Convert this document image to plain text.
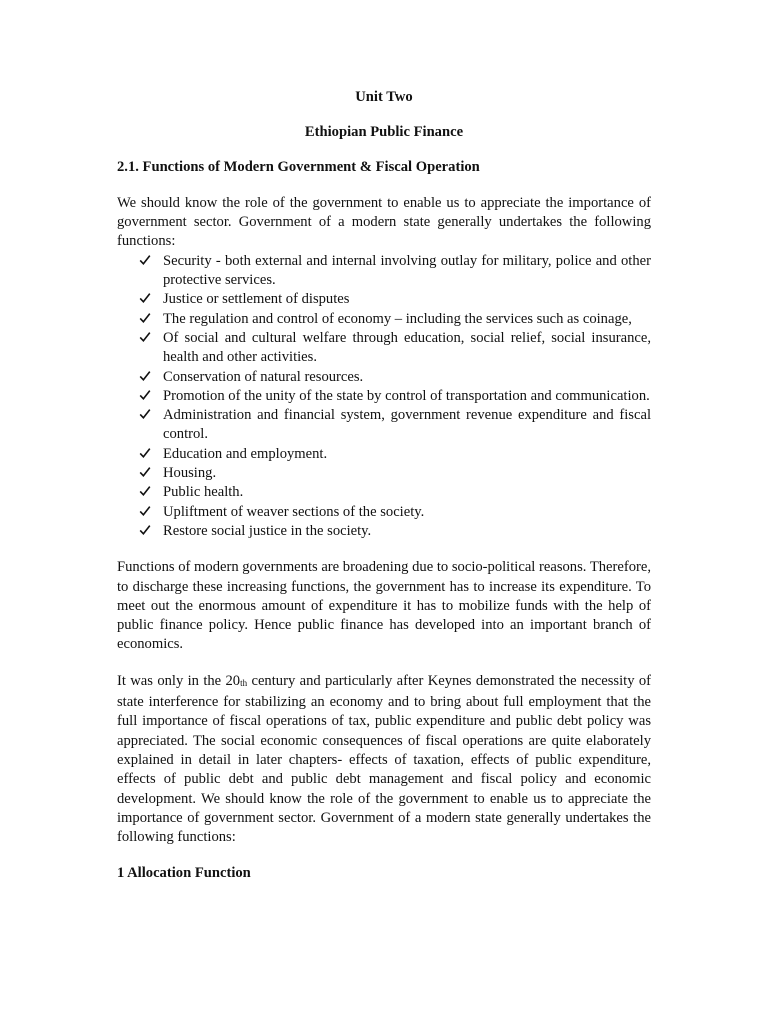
Unit Two

Ethiopian Public Finance

2.1. Functions of Modern Government & Fiscal Operation

We should know the role of the government to enable us to appreciate the importance of government sector. Government of a modern state generally undertakes the following functions:

Security - both external and internal involving outlay for military, police and other protective services.
Justice or settlement of disputes
The regulation and control of economy – including the services such as coinage,
Of social and cultural welfare through education, social relief, social insurance, health and other activities.
Conservation of natural resources.
Promotion of the unity of the state by control of transportation and communication.
Administration and financial system, government revenue expenditure and fiscal control.
Education and employment.
Housing.
Public health.
Upliftment of weaver sections of the society.
Restore social justice in the society.

Functions of modern governments are broadening due to socio-political reasons. Therefore, to discharge these increasing functions, the government has to increase its expenditure. To meet out the enormous amount of expenditure it has to mobilize funds with the help of public finance policy. Hence public finance has developed into an important branch of economics.

It was only in the $20_{th}$ century and particularly after Keynes demonstrated the necessity of state interference for stabilizing an economy and to bring about full employment that the full importance of fiscal operations of tax, public expenditure and public debt policy was appreciated. The social economic consequences of fiscal operations are quite elaborately explained in detail in later chapters- effects of taxation, effects of public expenditure, effects of public debt and public debt management and fiscal policy and economic development. We should know the role of the government to enable us to appreciate the importance of government sector. Government of a modern state generally undertakes the following functions:

1 Allocation Function
